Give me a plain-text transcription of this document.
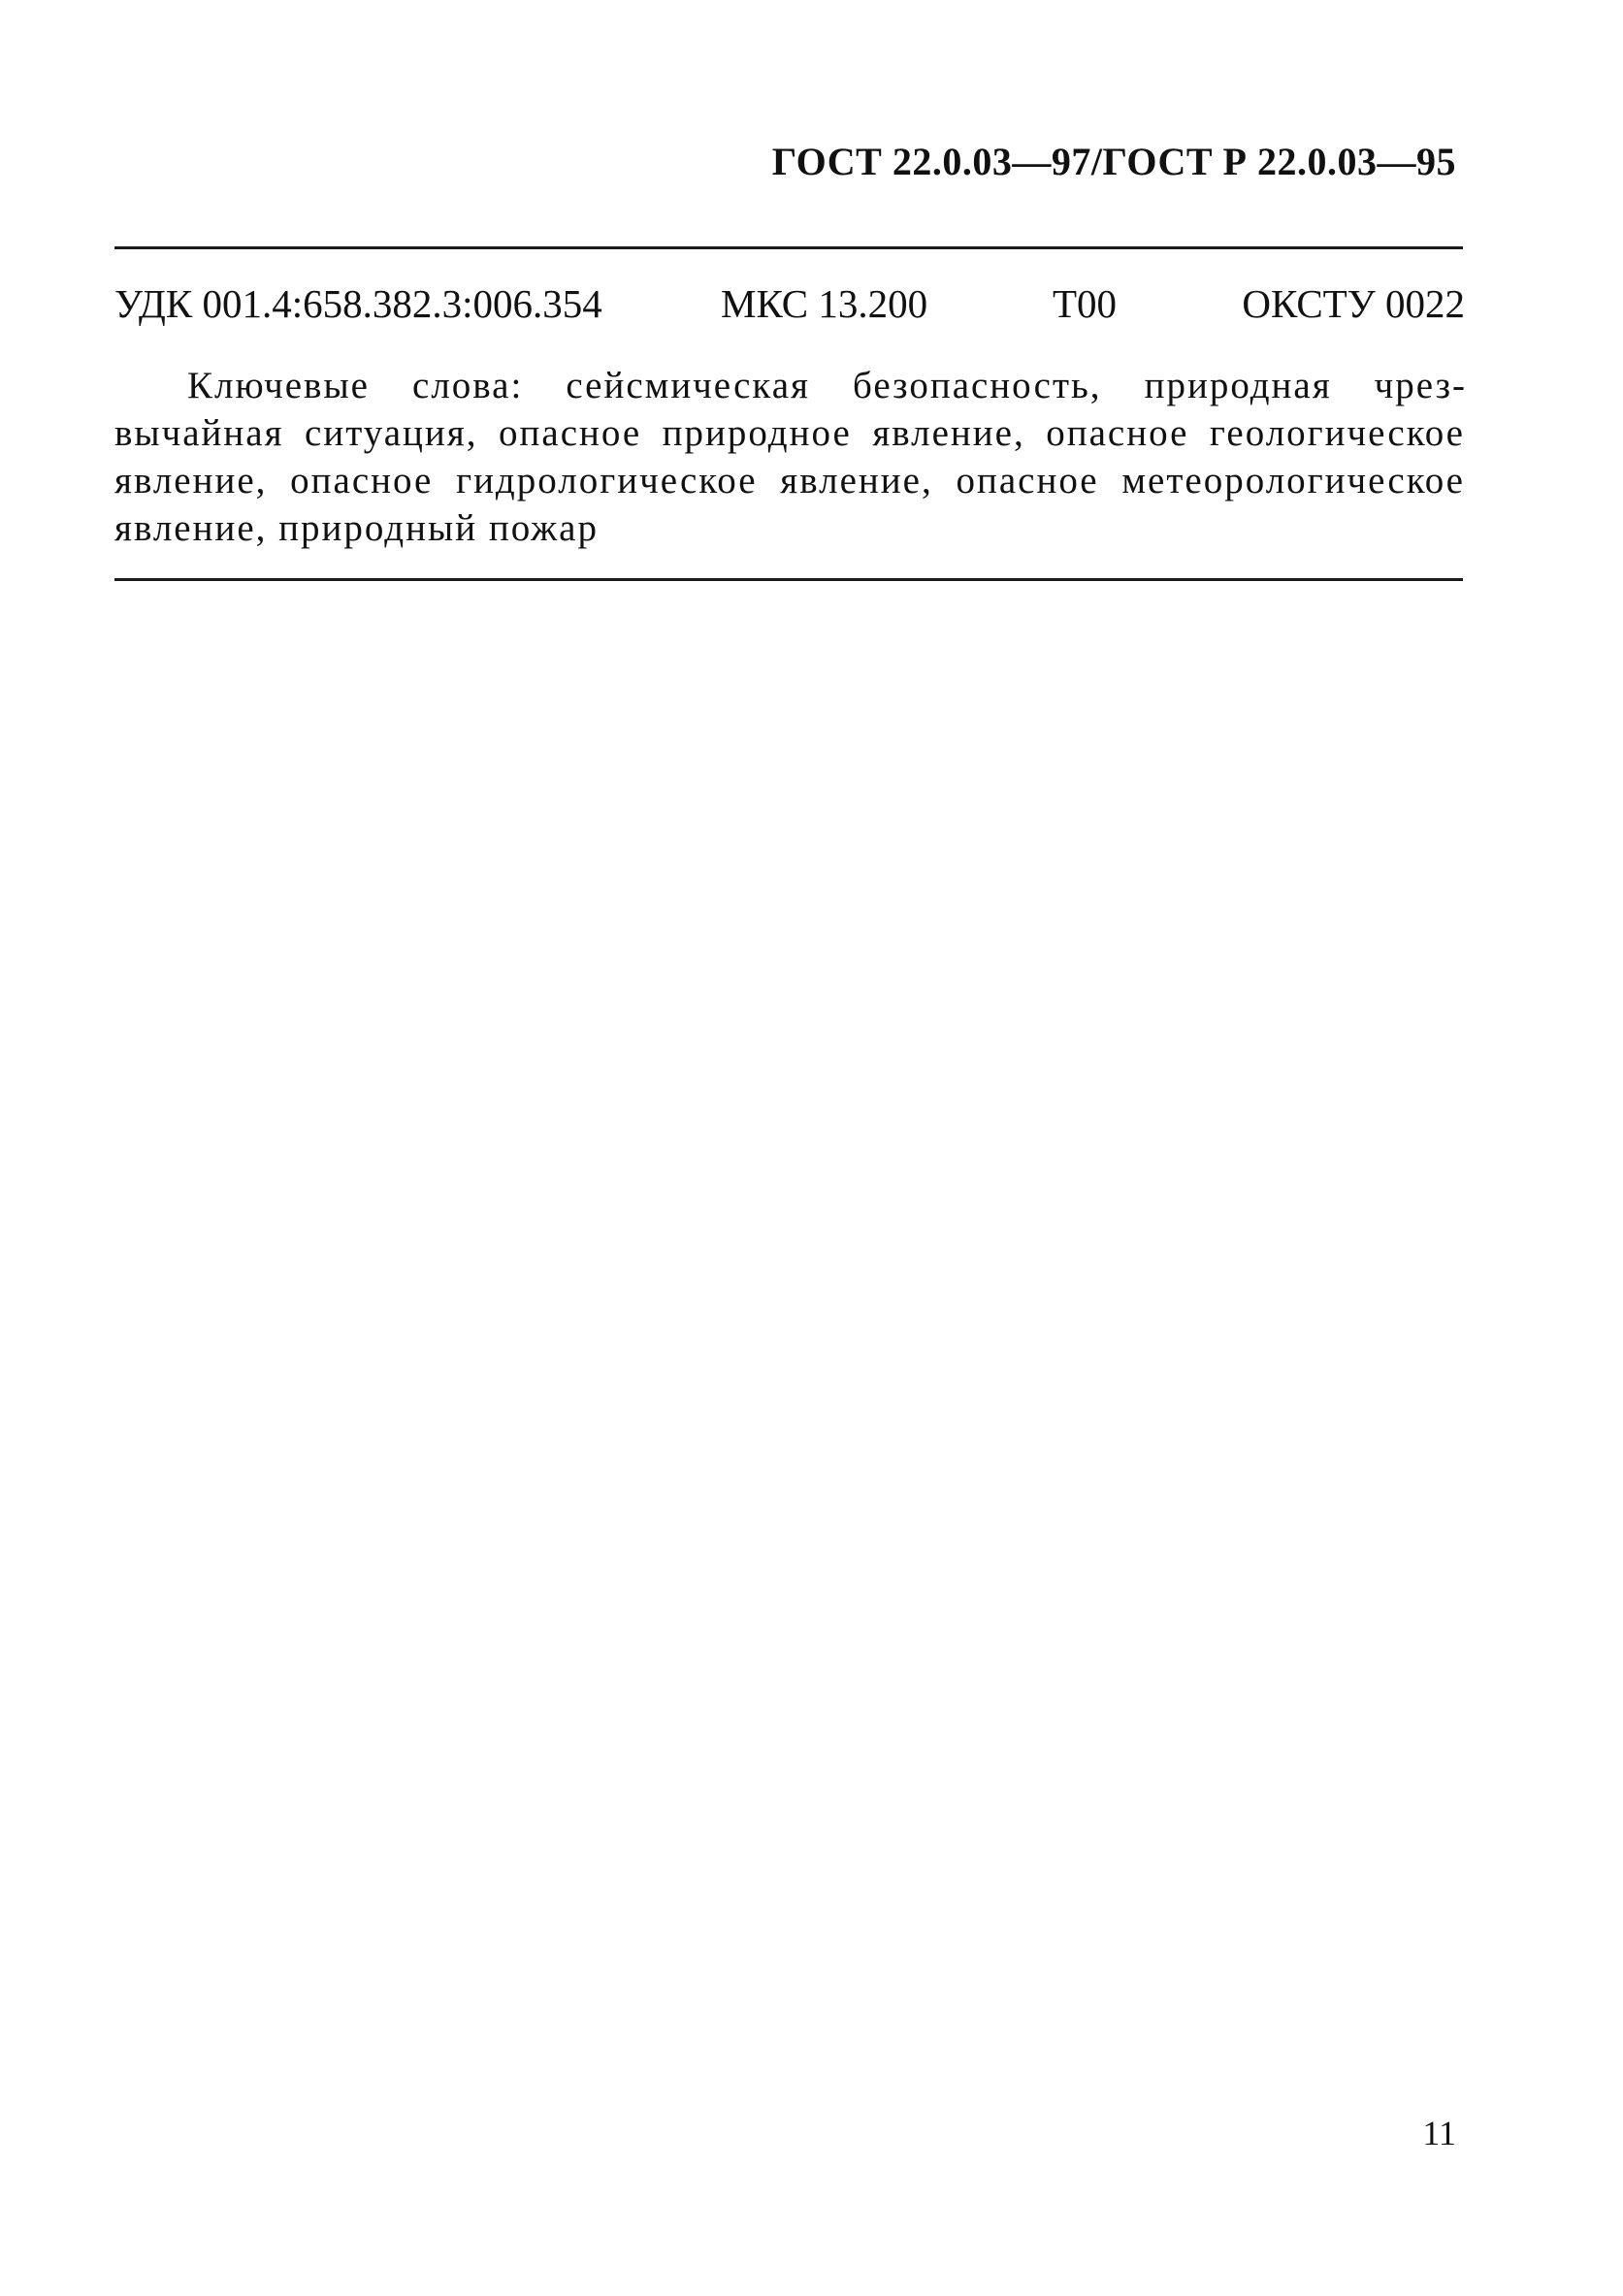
ГОСТ 22.0.03—97/ГОСТ Р 22.0.03—95
УДК 001.4:658.382.3:006.354	МКС 13.200	Т00	ОКСТУ 0022
Ключевые слова: сейсмическая безопасность, природная чрезвычайная ситуация, опасное природное явление, опасное геологическое явление, опасное гидрологическое явление, опасное метеорологическое явление, природный пожар
11
